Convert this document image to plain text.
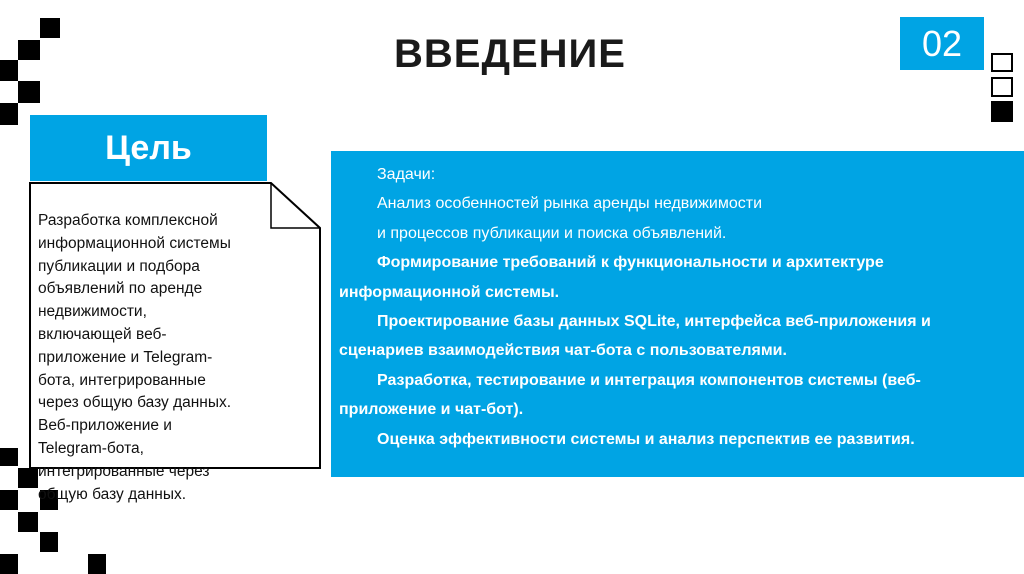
ВВЕДЕНИЕ	02
Цель
Разработка комплексной
информационной системы
публикации и подбора
объявлений по аренде
недвижимости,
включающей веб-
приложение и Telegram-
бота, интегрированные
через общую базу данных.
Веб-приложение и
Telegram-бота,
интегрированные через
общую базу данных.
Задачи:
Анализ особенностей рынка аренды недвижимости
и процессов публикации и поиска объявлений.
Формирование требований к функциональности и архитектуре
информационной системы.
Проектирование базы данных SQLite, интерфейса веб-приложения и
сценариев взаимодействия чат-бота с пользователями.
Разработка, тестирование и интеграция компонентов системы (веб-
приложение и чат-бот).
Оценка эффективности системы и анализ перспектив ее развития.
